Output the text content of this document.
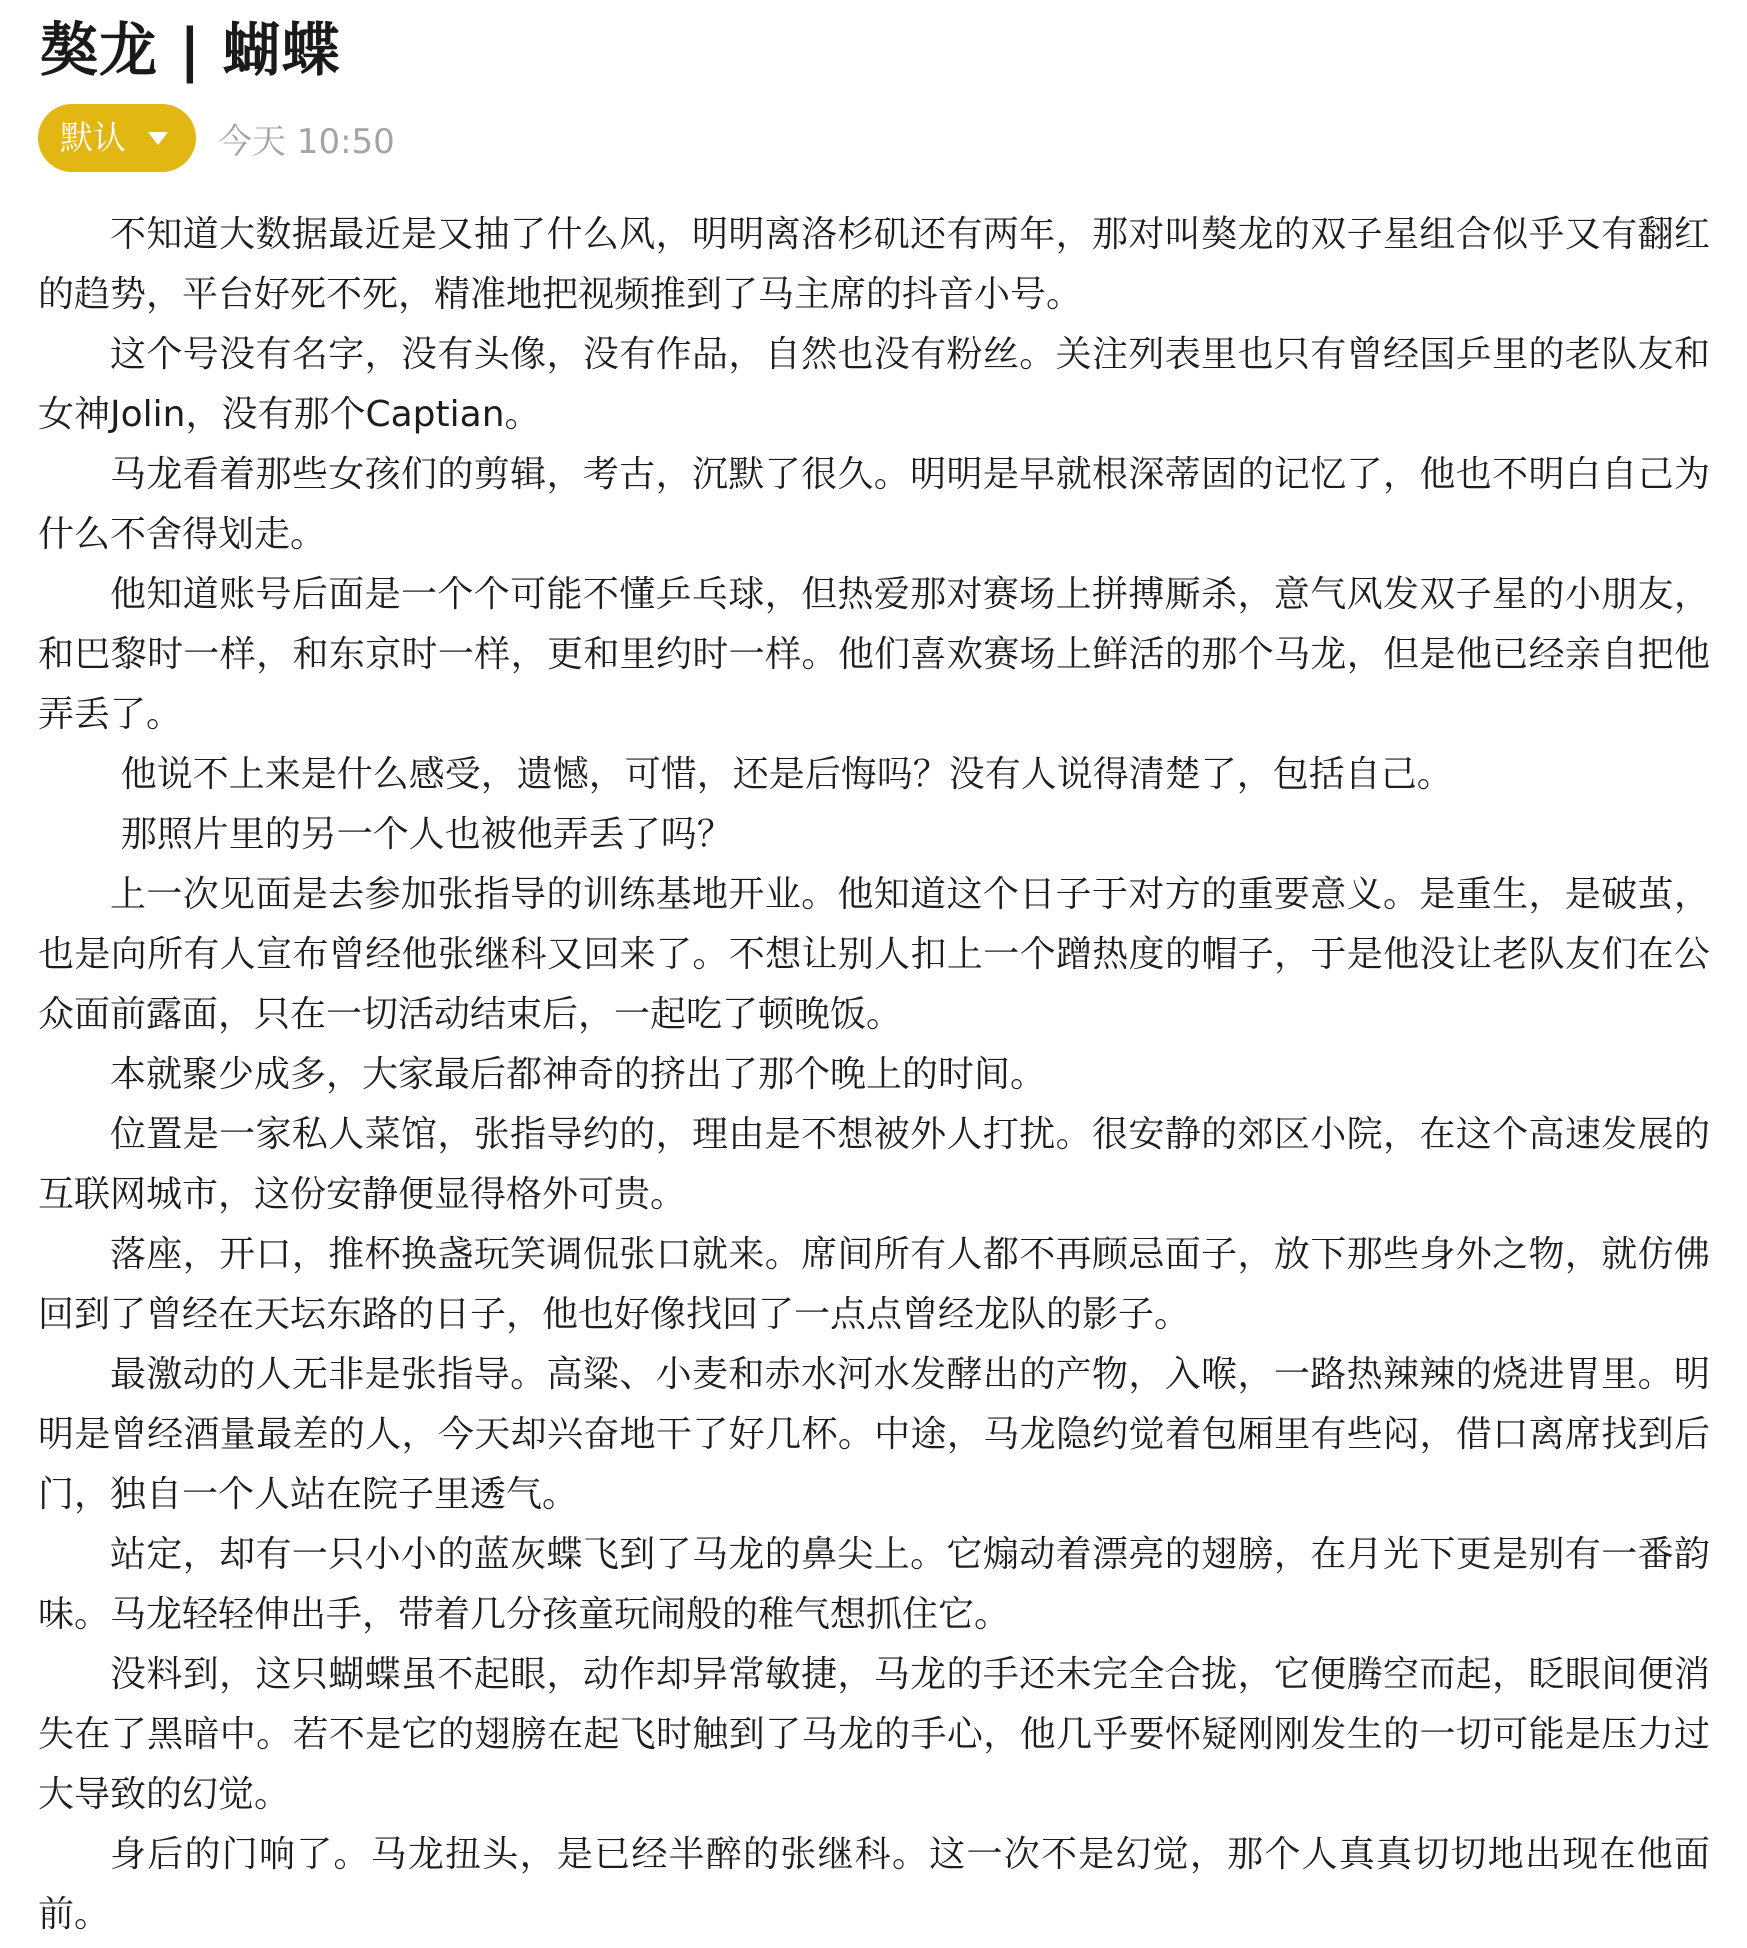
獒龙 | 蝴蝶
默认	今天 10:50

不知道大数据最近是又抽了什么风，明明离洛杉矶还有两年，那对叫獒龙的双子星组合似乎又有翻红的趋势，平台好死不死，精准地把视频推到了马主席的抖音小号。

这个号没有名字，没有头像，没有作品，自然也没有粉丝。关注列表里也只有曾经国乒里的老队友和女神Jolin，没有那个Captian。

马龙看着那些女孩们的剪辑，考古，沉默了很久。明明是早就根深蒂固的记忆了，他也不明白自己为什么不舍得划走。

他知道账号后面是一个个可能不懂乒乓球，但热爱那对赛场上拼搏厮杀，意气风发双子星的小朋友，和巴黎时一样，和东京时一样，更和里约时一样。他们喜欢赛场上鲜活的那个马龙，但是他已经亲自把他弄丢了。

他说不上来是什么感受，遗憾，可惜，还是后悔吗？没有人说得清楚了，包括自己。

那照片里的另一个人也被他弄丢了吗？

上一次见面是去参加张指导的训练基地开业。他知道这个日子于对方的重要意义。是重生，是破茧，也是向所有人宣布曾经他张继科又回来了。不想让别人扣上一个蹭热度的帽子，于是他没让老队友们在公众面前露面，只在一切活动结束后，一起吃了顿晚饭。

本就聚少成多，大家最后都神奇的挤出了那个晚上的时间。

位置是一家私人菜馆，张指导约的，理由是不想被外人打扰。很安静的郊区小院，在这个高速发展的互联网城市，这份安静便显得格外可贵。

落座，开口，推杯换盏玩笑调侃张口就来。席间所有人都不再顾忌面子，放下那些身外之物，就仿佛回到了曾经在天坛东路的日子，他也好像找回了一点点曾经龙队的影子。

最激动的人无非是张指导。高粱、小麦和赤水河水发酵出的产物，入喉，一路热辣辣的烧进胃里。明明是曾经酒量最差的人，今天却兴奋地干了好几杯。中途，马龙隐约觉着包厢里有些闷，借口离席找到后门，独自一个人站在院子里透气。

站定，却有一只小小的蓝灰蝶飞到了马龙的鼻尖上。它煽动着漂亮的翅膀，在月光下更是别有一番韵味。马龙轻轻伸出手，带着几分孩童玩闹般的稚气想抓住它。

没料到，这只蝴蝶虽不起眼，动作却异常敏捷，马龙的手还未完全合拢，它便腾空而起，眨眼间便消失在了黑暗中。若不是它的翅膀在起飞时触到了马龙的手心，他几乎要怀疑刚刚发生的一切可能是压力过大导致的幻觉。

身后的门响了。马龙扭头，是已经半醉的张继科。这一次不是幻觉，那个人真真切切地出现在他面前。
